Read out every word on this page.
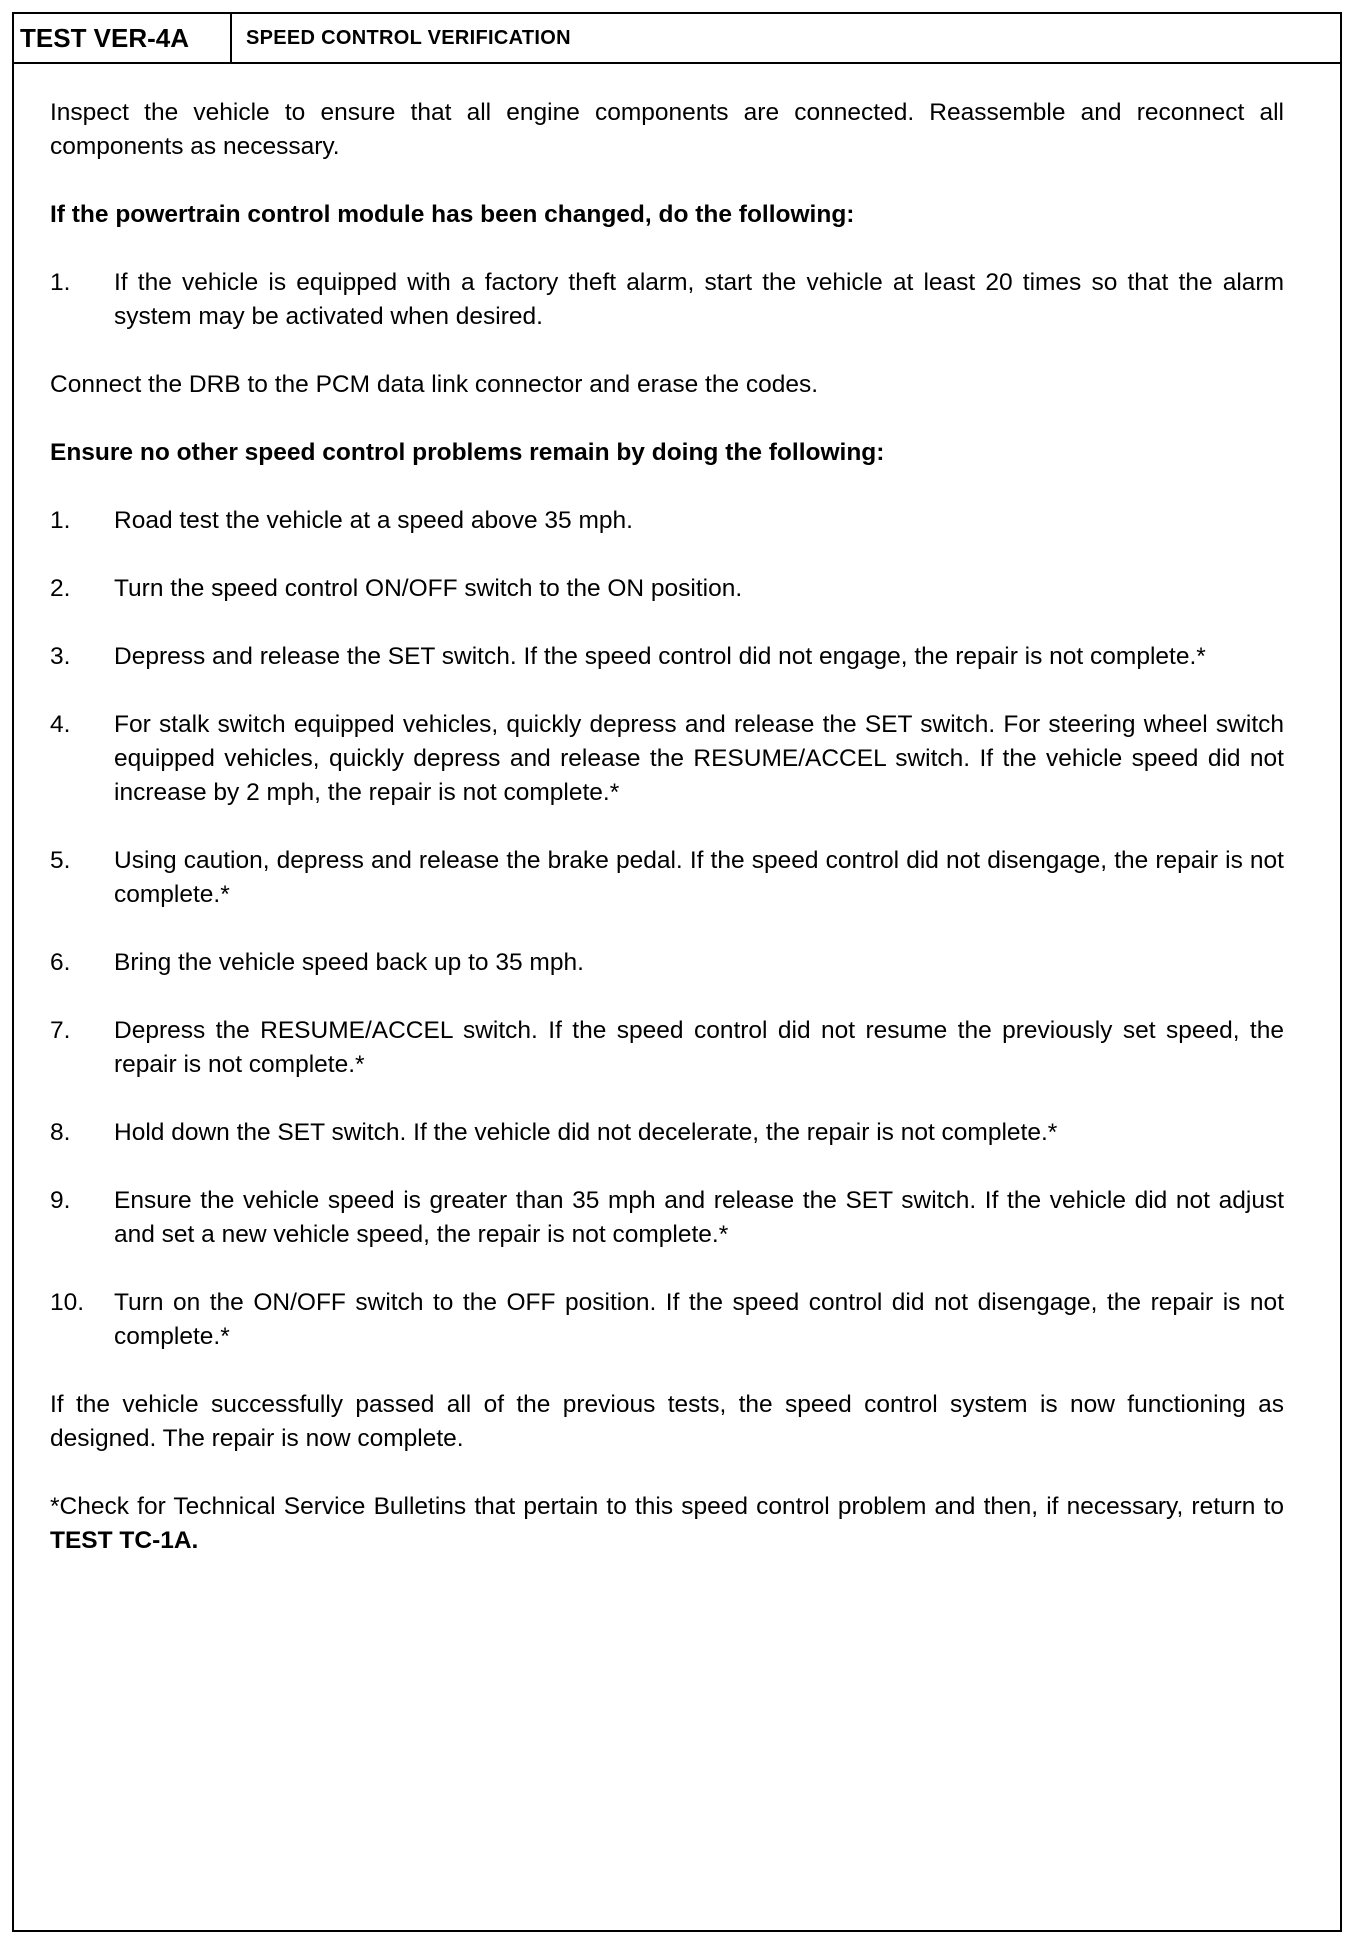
TEST VER-4A	SPEED CONTROL VERIFICATION

Inspect the vehicle to ensure that all engine components are connected. Reassemble and reconnect all components as necessary.

If the powertrain control module has been changed, do the following:

1.	If the vehicle is equipped with a factory theft alarm, start the vehicle at least 20 times so that the alarm system may be activated when desired.

Connect the DRB to the PCM data link connector and erase the codes.

Ensure no other speed control problems remain by doing the following:

1.	Road test the vehicle at a speed above 35 mph.
2.	Turn the speed control ON/OFF switch to the ON position.
3.	Depress and release the SET switch. If the speed control did not engage, the repair is not complete.*
4.	For stalk switch equipped vehicles, quickly depress and release the SET switch. For steering wheel switch equipped vehicles, quickly depress and release the RESUME/ACCEL switch. If the vehicle speed did not increase by 2 mph, the repair is not complete.*
5.	Using caution, depress and release the brake pedal. If the speed control did not disengage, the repair is not complete.*
6.	Bring the vehicle speed back up to 35 mph.
7.	Depress the RESUME/ACCEL switch. If the speed control did not resume the previously set speed, the repair is not complete.*
8.	Hold down the SET switch. If the vehicle did not decelerate, the repair is not complete.*
9.	Ensure the vehicle speed is greater than 35 mph and release the SET switch. If the vehicle did not adjust and set a new vehicle speed, the repair is not complete.*
10.	Turn on the ON/OFF switch to the OFF position. If the speed control did not disengage, the repair is not complete.*

If the vehicle successfully passed all of the previous tests, the speed control system is now functioning as designed. The repair is now complete.

*Check for Technical Service Bulletins that pertain to this speed control problem and then, if necessary, return to TEST TC-1A.
